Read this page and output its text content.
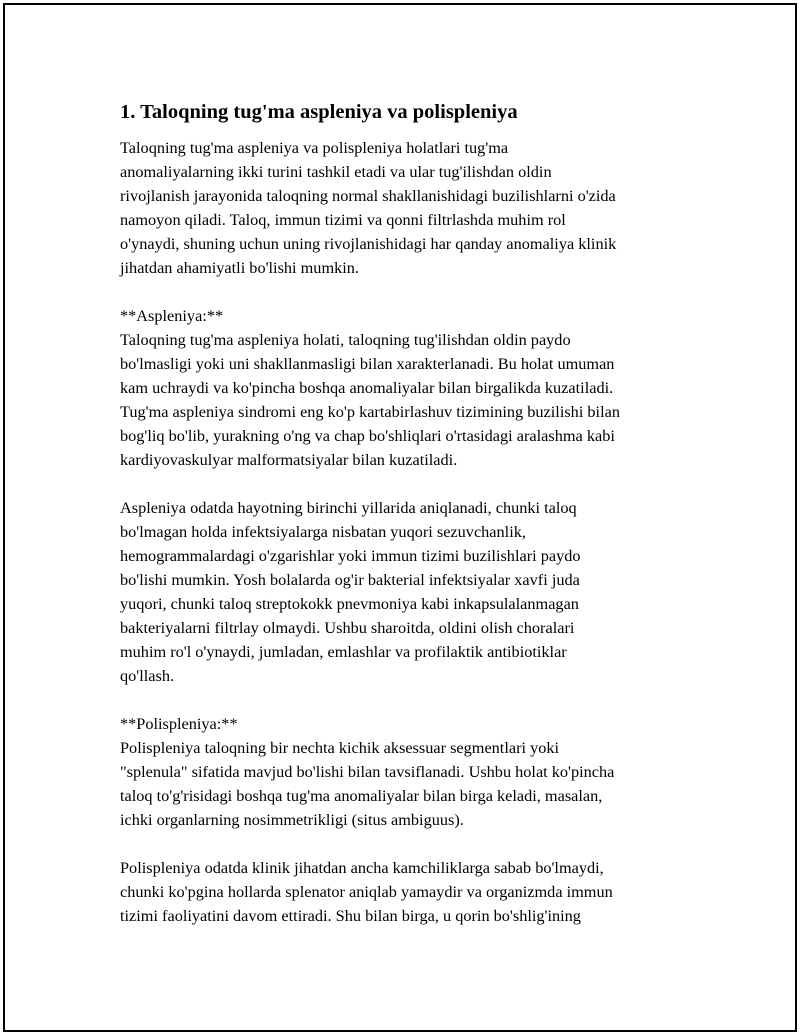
1. Taloqning tug'ma aspleniya va polispleniya
Taloqning tug'ma aspleniya va polispleniya holatlari tug'ma
anomaliyalarning ikki turini tashkil etadi va ular tug'ilishdan oldin
rivojlanish jarayonida taloqning normal shakllanishidagi buzilishlarni o'zida
namoyon qiladi. Taloq, immun tizimi va qonni filtrlashda muhim rol
o'ynaydi, shuning uchun uning rivojlanishidagi har qanday anomaliya klinik
jihatdan ahamiyatli bo'lishi mumkin.
**Aspleniya:**
Taloqning tug'ma aspleniya holati, taloqning tug'ilishdan oldin paydo
bo'lmasligi yoki uni shakllanmasligi bilan xarakterlanadi. Bu holat umuman
kam uchraydi va ko'pincha boshqa anomaliyalar bilan birgalikda kuzatiladi.
Tug'ma aspleniya sindromi eng ko'p kartabirlashuv tizimining buzilishi bilan
bog'liq bo'lib, yurakning o'ng va chap bo'shliqlari o'rtasidagi aralashma kabi
kardiyovaskulyar malformatsiyalar bilan kuzatiladi.
Aspleniya odatda hayotning birinchi yillarida aniqlanadi, chunki taloq
bo'lmagan holda infektsiyalarga nisbatan yuqori sezuvchanlik,
hemogrammalardagi o'zgarishlar yoki immun tizimi buzilishlari paydo
bo'lishi mumkin. Yosh bolalarda og'ir bakterial infektsiyalar xavfi juda
yuqori, chunki taloq streptokokk pnevmoniya kabi inkapsulalanmagan
bakteriyalarni filtrlay olmaydi. Ushbu sharoitda, oldini olish choralari
muhim ro'l o'ynaydi, jumladan, emlashlar va profilaktik antibiotiklar
qo'llash.
**Polispleniya:**
Polispleniya taloqning bir nechta kichik aksessuar segmentlari yoki
"splenula" sifatida mavjud bo'lishi bilan tavsiflanadi. Ushbu holat ko'pincha
taloq to'g'risidagi boshqa tug'ma anomaliyalar bilan birga keladi, masalan,
ichki organlarning nosimmetrikligi (situs ambiguus).
Polispleniya odatda klinik jihatdan ancha kamchiliklarga sabab bo'lmaydi,
chunki ko'pgina hollarda splenator aniqlab yamaydir va organizmda immun
tizimi faoliyatini davom ettiradi. Shu bilan birga, u qorin bo'shlig'ining
